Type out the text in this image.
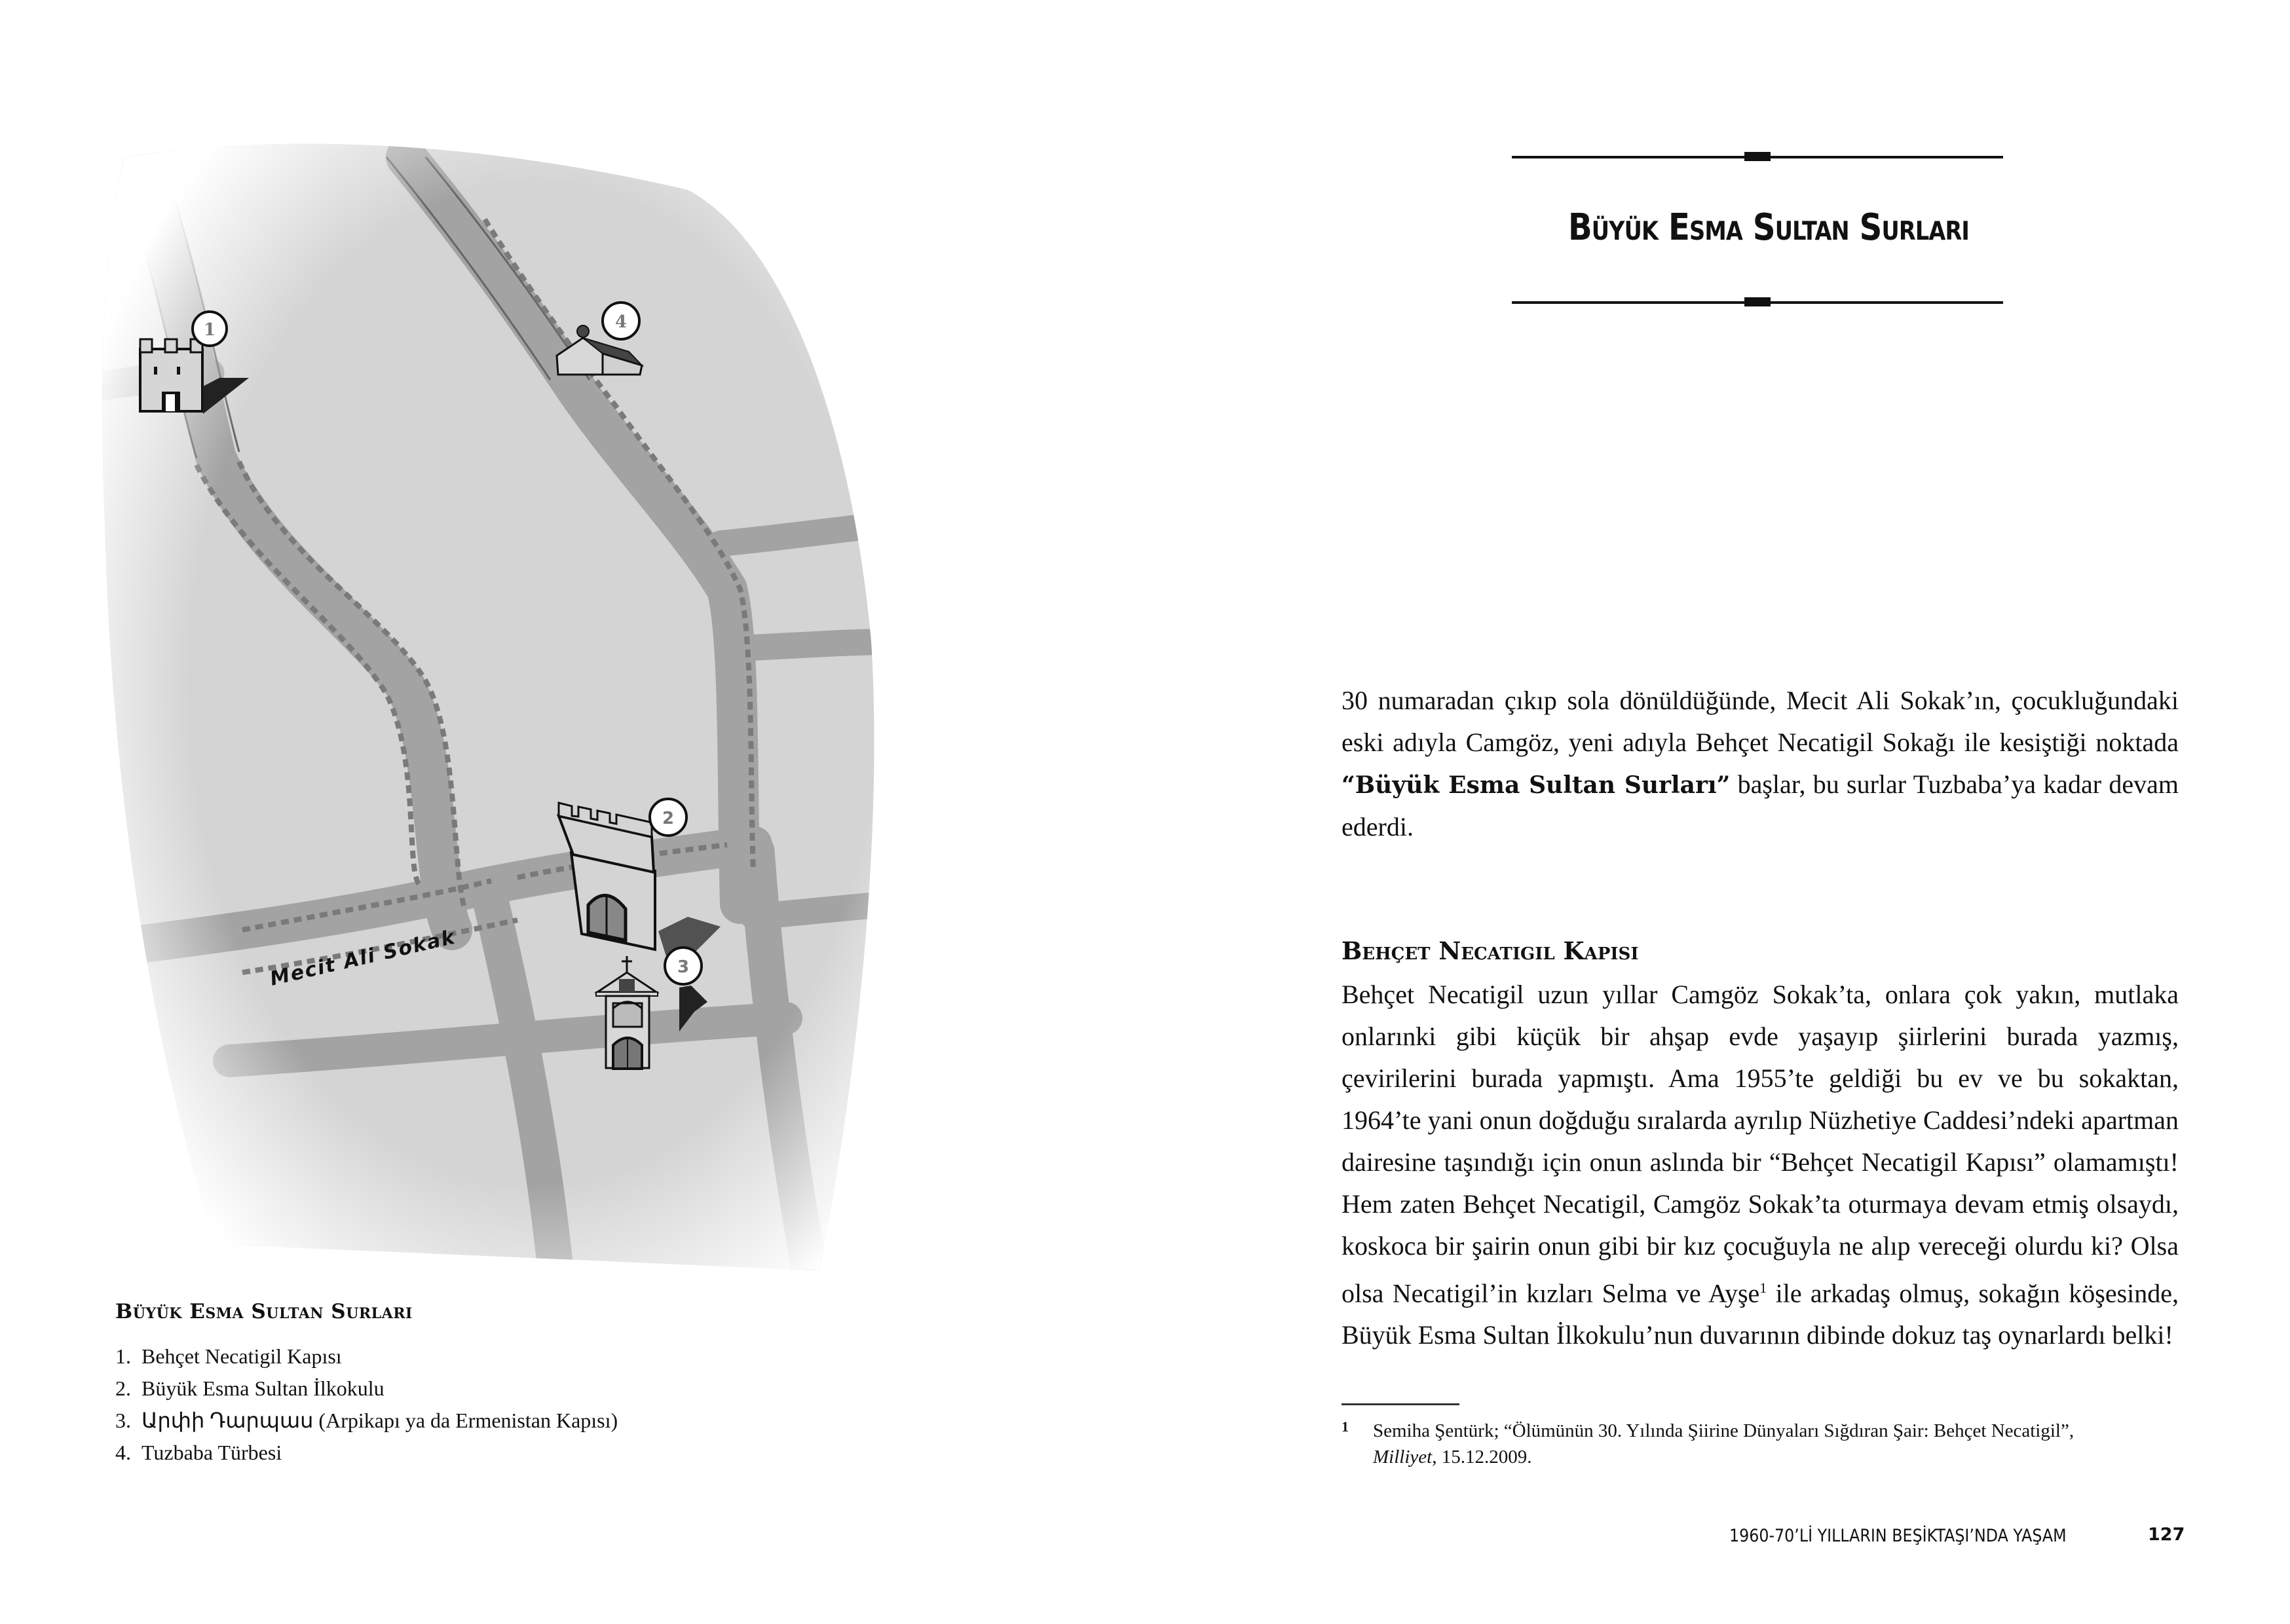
1	4
2
3
Mecit Ali Sokak
Büyük Esma Sultan Surları
1. Behçet Necatigil Kapısı
2. Büyük Esma Sultan İlkokulu
3. Արփի Դարպաս (Arpikapı ya da Ermenistan Kapısı)
4. Tuzbaba Türbesi
Büyük Esma Sultan Surları

30 numaradan çıkıp sola dönüldüğünde, Mecit Ali Sokak’ın, çocukluğundaki eski adıyla Camgöz, yeni adıyla Behçet Necatigil Sokağı ile kesiştiği noktada “Büyük Esma Sultan Surları” başlar, bu surlar Tuzbaba’ya kadar devam ederdi.

Behçet Necatigil Kapısı

Behçet Necatigil uzun yıllar Camgöz Sokak’ta, onlara çok yakın, mutlaka onlarınki gibi küçük bir ahşap evde yaşayıp şiirlerini burada yazmış, çevirilerini burada yapmıştı. Ama 1955’te geldiği bu ev ve bu sokaktan, 1964’te yani onun doğduğu sıralarda ayrılıp Nüzhetiye Caddesi’ndeki apartman dairesine taşındığı için onun aslında bir “Behçet Necatigil Kapısı” olamamıştı! Hem zaten Behçet Necatigil, Camgöz Sokak’ta oturmaya devam etmiş olsaydı, koskoca bir şairin onun gibi bir kız çocuğuyla ne alıp vereceği olurdu ki? Olsa olsa Necatigil’in kızları Selma ve Ayşe$^1$ ile arkadaş olmuş, sokağın köşesinde, Büyük Esma Sultan İlkokulu’nun duvarının dibinde dokuz taş oynarlardı belki!

1 Semiha Şentürk; “Ölümünün 30. Yılında Şiirine Dünyaları Sığdıran Şair: Behçet Necatigil”,
Milliyet, 15.12.2009.
1960-70’Lİ YILLARIN BEŞİKTAŞI’NDA YAŞAM	127
